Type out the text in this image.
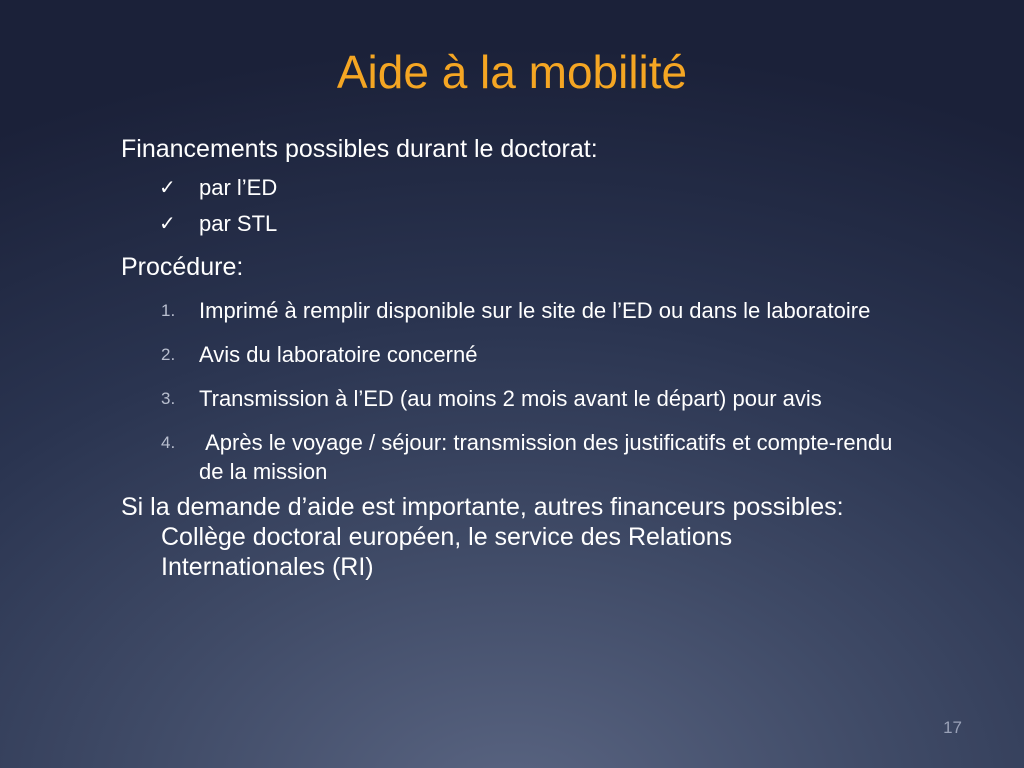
Aide à la mobilité

Financements possibles durant le doctorat:

✓ par l’ED
✓ par STL

Procédure:

1. Imprimé à remplir disponible sur le site de l’ED ou dans le laboratoire
2. Avis du laboratoire concerné
3. Transmission à l’ED (au moins 2 mois avant le départ) pour avis
4. Après le voyage / séjour: transmission des justificatifs et compte-rendu de la mission

Si la demande d’aide est importante, autres financeurs possibles: Collège doctoral européen, le service des Relations Internationales (RI)

17
